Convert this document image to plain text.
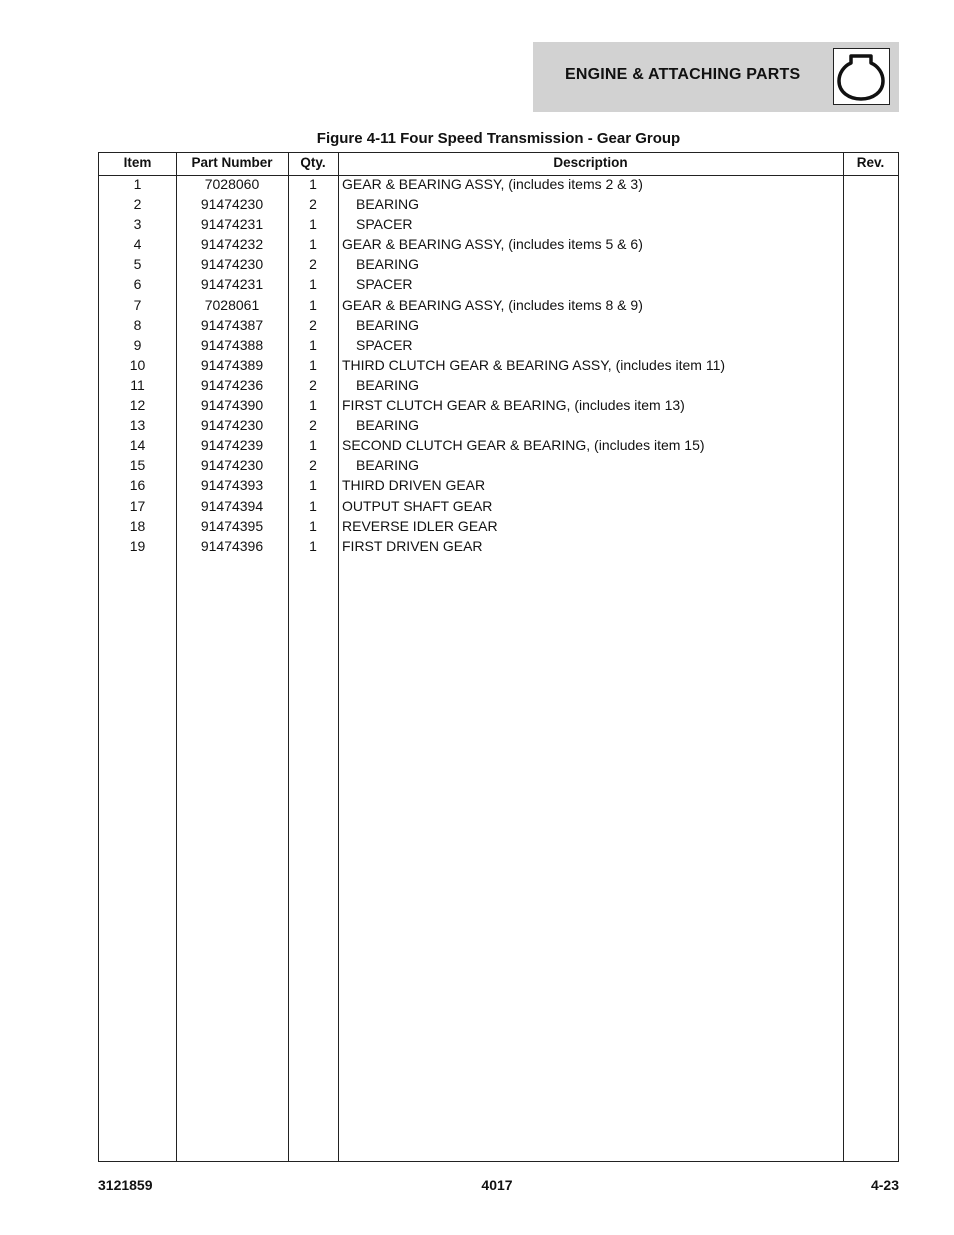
ENGINE & ATTACHING PARTS
Figure 4-11 Four Speed Transmission - Gear Group
Item	Part Number	Qty.	Description	Rev.
1	7028060	1	GEAR & BEARING ASSY, (includes items 2 & 3)
2	91474230	2	BEARING
3	91474231	1	SPACER
4	91474232	1	GEAR & BEARING ASSY, (includes items 5 & 6)
5	91474230	2	BEARING
6	91474231	1	SPACER
7	7028061	1	GEAR & BEARING ASSY, (includes items 8 & 9)
8	91474387	2	BEARING
9	91474388	1	SPACER
10	91474389	1	THIRD CLUTCH GEAR & BEARING ASSY, (includes item 11)
11	91474236	2	BEARING
12	91474390	1	FIRST CLUTCH GEAR & BEARING, (includes item 13)
13	91474230	2	BEARING
14	91474239	1	SECOND CLUTCH GEAR & BEARING, (includes item 15)
15	91474230	2	BEARING
16	91474393	1	THIRD DRIVEN GEAR
17	91474394	1	OUTPUT SHAFT GEAR
18	91474395	1	REVERSE IDLER GEAR
19	91474396	1	FIRST DRIVEN GEAR
3121859	4017	4-23
